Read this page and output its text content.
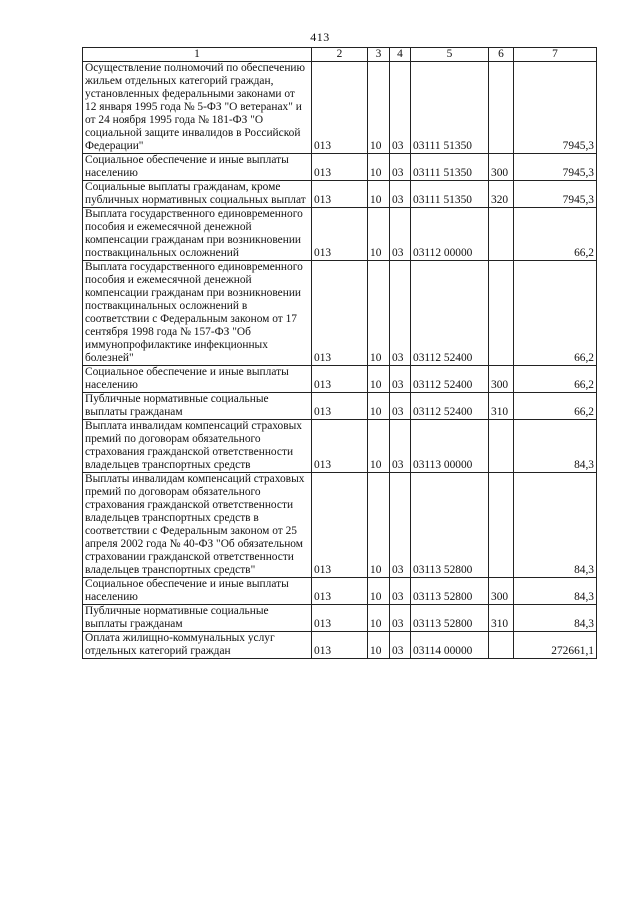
413
1	2	3	4	5	6	7
Осуществление полномочий по обеспечению жильем отдельных категорий граждан, установленных федеральными законами от 12 января 1995 года № 5-ФЗ "О ветеранах" и от 24 ноября 1995 года № 181-ФЗ "О социальной защите инвалидов в Российской Федерации"	013	10	03	03111 51350		7945,3
Социальное обеспечение и иные выплаты населению	013	10	03	03111 51350	300	7945,3
Социальные выплаты гражданам, кроме публичных нормативных социальных выплат	013	10	03	03111 51350	320	7945,3
Выплата государственного единовременного пособия и ежемесячной денежной компенсации гражданам при возникновении поствакцинальных осложнений	013	10	03	03112 00000		66,2
Выплата государственного единовременного пособия и ежемесячной денежной компенсации гражданам при возникновении поствакцинальных осложнений в соответствии с Федеральным законом от 17 сентября 1998 года № 157-ФЗ "Об иммунопрофилактике инфекционных болезней"	013	10	03	03112 52400		66,2
Социальное обеспечение и иные выплаты населению	013	10	03	03112 52400	300	66,2
Публичные нормативные социальные выплаты гражданам	013	10	03	03112 52400	310	66,2
Выплата инвалидам компенсаций страховых премий по договорам обязательного страхования гражданской ответственности владельцев транспортных средств	013	10	03	03113 00000		84,3
Выплаты инвалидам компенсаций страховых премий по договорам обязательного страхования гражданской ответственности владельцев транспортных средств в соответствии с Федеральным законом от 25 апреля 2002 года № 40-ФЗ "Об обязательном страховании гражданской ответственности владельцев транспортных средств"	013	10	03	03113 52800		84,3
Социальное обеспечение и иные выплаты населению	013	10	03	03113 52800	300	84,3
Публичные нормативные социальные выплаты гражданам	013	10	03	03113 52800	310	84,3
Оплата жилищно-коммунальных услуг отдельных категорий граждан	013	10	03	03114 00000		272661,1
